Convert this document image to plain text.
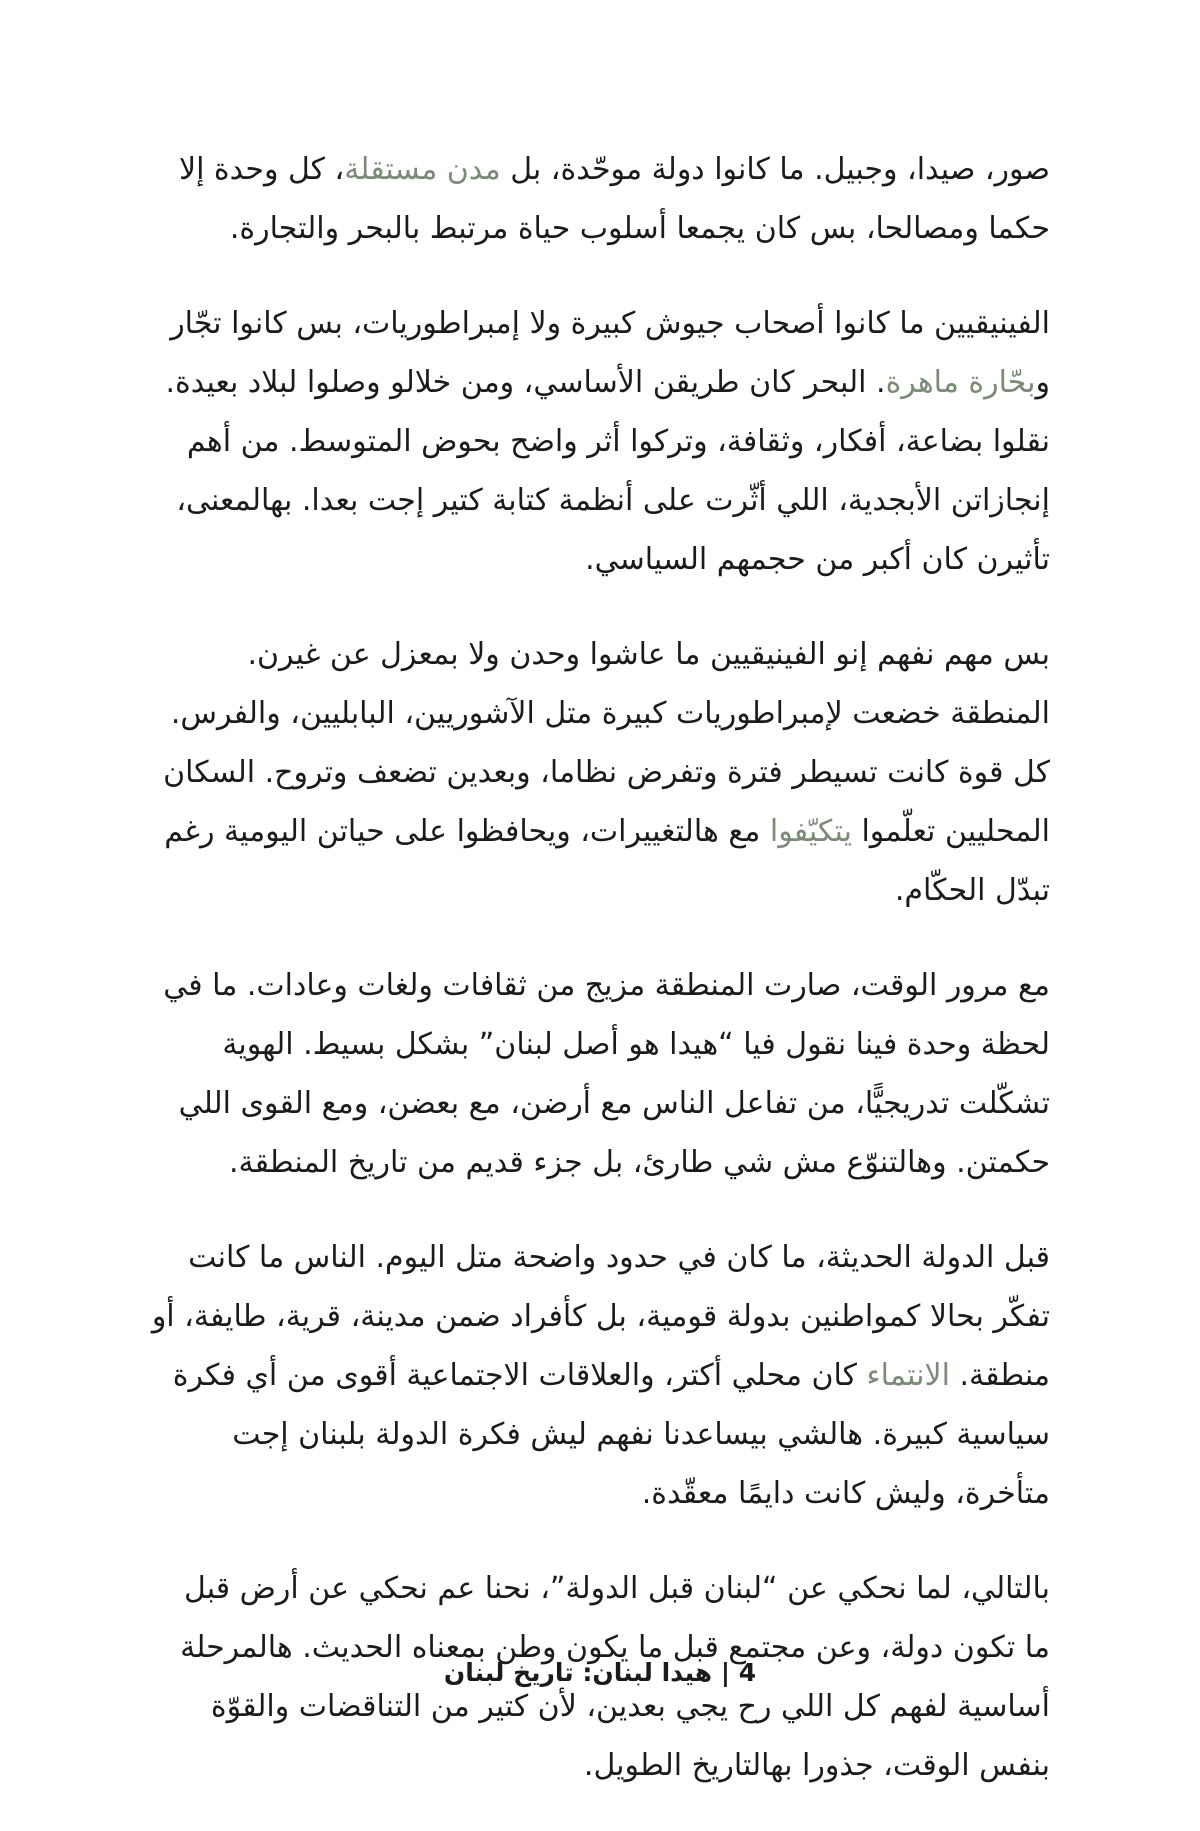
صور، صيدا، وجبيل. ما كانوا دولة موحّدة، بل مدن مستقلة، كل وحدة إلا حكما ومصالحا، بس كان يجمعا أسلوب حياة مرتبط بالبحر والتجارة.

الفينيقيين ما كانوا أصحاب جيوش كبيرة ولا إمبراطوريات، بس كانوا تجّار وبحّارة ماهرة. البحر كان طريقن الأساسي، ومن خلالو وصلوا لبلاد بعيدة. نقلوا بضاعة، أفكار، وثقافة، وتركوا أثر واضح بحوض المتوسط. من أهم إنجازاتن الأبجدية، اللي أثّرت على أنظمة كتابة كتير إجت بعدا. بهالمعنى، تأثيرن كان أكبر من حجمهم السياسي.

بس مهم نفهم إنو الفينيقيين ما عاشوا وحدن ولا بمعزل عن غيرن. المنطقة خضعت لإمبراطوريات كبيرة متل الآشوريين، البابليين، والفرس. كل قوة كانت تسيطر فترة وتفرض نظاما، وبعدين تضعف وتروح. السكان المحليين تعلّموا يتكيّفوا مع هالتغييرات، ويحافظوا على حياتن اليومية رغم تبدّل الحكّام.

مع مرور الوقت، صارت المنطقة مزيج من ثقافات ولغات وعادات. ما في لحظة وحدة فينا نقول فيا “هيدا هو أصل لبنان” بشكل بسيط. الهوية تشكّلت تدريجيًّا، من تفاعل الناس مع أرضن، مع بعضن، ومع القوى اللي حكمتن. وهالتنوّع مش شي طارئ، بل جزء قديم من تاريخ المنطقة.

قبل الدولة الحديثة، ما كان في حدود واضحة متل اليوم. الناس ما كانت تفكّر بحالا كمواطنين بدولة قومية، بل كأفراد ضمن مدينة، قرية، طايفة، أو منطقة. الانتماء كان محلي أكتر، والعلاقات الاجتماعية أقوى من أي فكرة سياسية كبيرة. هالشي بيساعدنا نفهم ليش فكرة الدولة بلبنان إجت متأخرة، وليش كانت دايمًا معقّدة.

بالتالي، لما نحكي عن “لبنان قبل الدولة”، نحنا عم نحكي عن أرض قبل ما تكون دولة، وعن مجتمع قبل ما يكون وطن بمعناه الحديث. هالمرحلة أساسية لفهم كل اللي رح يجي بعدين، لأن كتير من التناقضات والقوّة بنفس الوقت، جذورا بهالتاريخ الطويل.

4 | هيدا لبنان: تاريخ لبنان
